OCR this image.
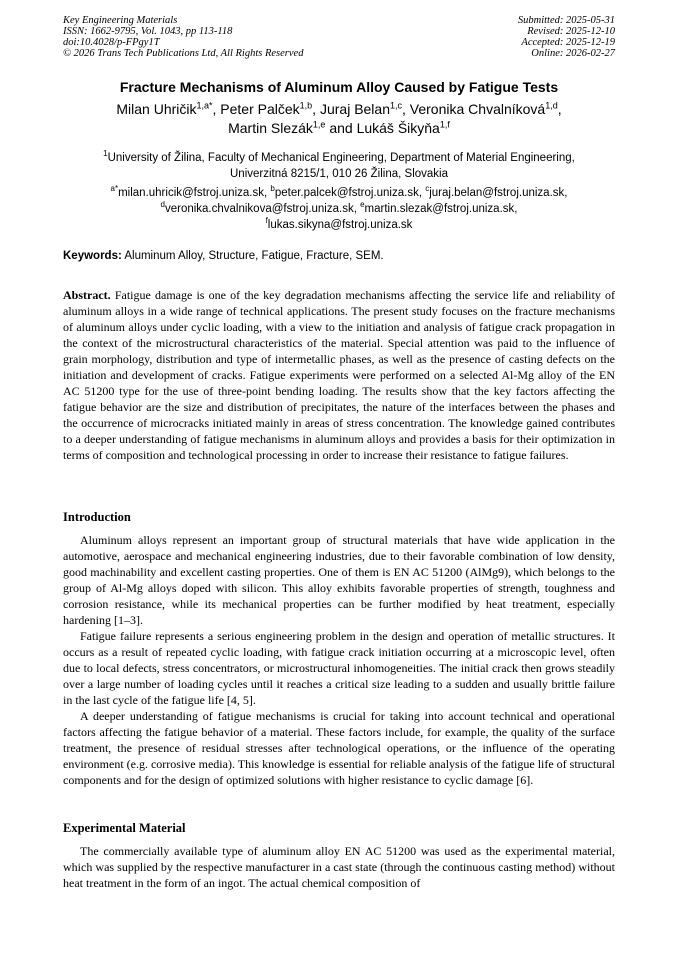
Key Engineering Materials
ISSN: 1662-9795, Vol. 1043, pp 113-118
doi:10.4028/p-FPgy1T
© 2026 Trans Tech Publications Ltd, All Rights Reserved
Submitted: 2025-05-31
Revised: 2025-12-10
Accepted: 2025-12-19
Online: 2026-02-27
Fracture Mechanisms of Aluminum Alloy Caused by Fatigue Tests
Milan Uhričik$^{1,a*}$, Peter Palček$^{1,b}$, Juraj Belan$^{1,c}$, Veronika Chvalníková$^{1,d}$,
Martin Slezák$^{1,e}$ and Lukáš Šikyňa$^{1,f}$
$^1$University of Žilina, Faculty of Mechanical Engineering, Department of Material Engineering,
Univerzitná 8215/1, 010 26 Žilina, Slovakia
$^{a*}$milan.uhricik@fstroj.uniza.sk, $^b$peter.palcek@fstroj.uniza.sk, $^c$juraj.belan@fstroj.uniza.sk,
$^d$veronika.chvalnikova@fstroj.uniza.sk, $^e$martin.slezak@fstroj.uniza.sk,
$^f$lukas.sikyna@fstroj.uniza.sk
Keywords: Aluminum Alloy, Structure, Fatigue, Fracture, SEM.

Abstract. Fatigue damage is one of the key degradation mechanisms affecting the service life and reliability of aluminum alloys in a wide range of technical applications. The present study focuses on the fracture mechanisms of aluminum alloys under cyclic loading, with a view to the initiation and analysis of fatigue crack propagation in the context of the microstructural characteristics of the material. Special attention was paid to the influence of grain morphology, distribution and type of intermetallic phases, as well as the presence of casting defects on the initiation and development of cracks. Fatigue experiments were performed on a selected Al-Mg alloy of the EN AC 51200 type for the use of three-point bending loading. The results show that the key factors affecting the fatigue behavior are the size and distribution of precipitates, the nature of the interfaces between the phases and the occurrence of microcracks initiated mainly in areas of stress concentration. The knowledge gained contributes to a deeper understanding of fatigue mechanisms in aluminum alloys and provides a basis for their optimization in terms of composition and technological processing in order to increase their resistance to fatigue failures.

Introduction

Aluminum alloys represent an important group of structural materials that have wide application in the automotive, aerospace and mechanical engineering industries, due to their favorable combination of low density, good machinability and excellent casting properties. One of them is EN AC 51200 (AlMg9), which belongs to the group of Al-Mg alloys doped with silicon. This alloy exhibits favorable properties of strength, toughness and corrosion resistance, while its mechanical properties can be further modified by heat treatment, especially hardening [1–3].

Fatigue failure represents a serious engineering problem in the design and operation of metallic structures. It occurs as a result of repeated cyclic loading, with fatigue crack initiation occurring at a microscopic level, often due to local defects, stress concentrators, or microstructural inhomogeneities. The initial crack then grows steadily over a large number of loading cycles until it reaches a critical size leading to a sudden and usually brittle failure in the last cycle of the fatigue life [4, 5].

A deeper understanding of fatigue mechanisms is crucial for taking into account technical and operational factors affecting the fatigue behavior of a material. These factors include, for example, the quality of the surface treatment, the presence of residual stresses after technological operations, or the influence of the operating environment (e.g. corrosive media). This knowledge is essential for reliable analysis of the fatigue life of structural components and for the design of optimized solutions with higher resistance to cyclic damage [6].

Experimental Material

The commercially available type of aluminum alloy EN AC 51200 was used as the experimental material, which was supplied by the respective manufacturer in a cast state (through the continuous casting method) without heat treatment in the form of an ingot. The actual chemical composition of
